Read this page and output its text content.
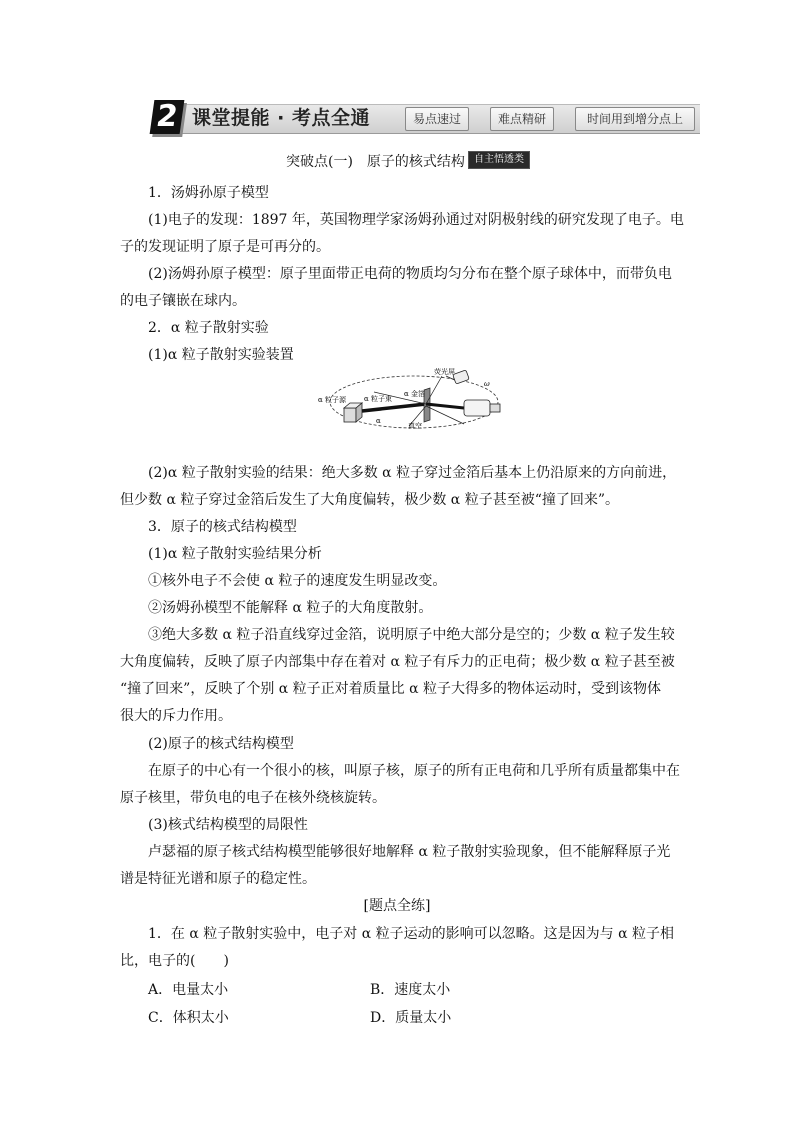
2 课堂提能 · 考点全通	易点速过	难点精研	时间用到增分点上
突破点(一)　原子的核式结构 自主悟透类
1．汤姆孙原子模型
(1)电子的发现：1897 年，英国物理学家汤姆孙通过对阴极射线的研究发现了电子。电
子的发现证明了原子是可再分的。
(2)汤姆孙原子模型：原子里面带正电荷的物质均匀分布在整个原子球体中，而带负电
的电子镶嵌在球内。
2．α 粒子散射实验
(1)α 粒子散射实验装置
α 粒子源	α 粒子束
α 金箔
荧光屏
真空
α
ω
(2)α 粒子散射实验的结果：绝大多数 α 粒子穿过金箔后基本上仍沿原来的方向前进，
但少数 α 粒子穿过金箔后发生了大角度偏转，极少数 α 粒子甚至被“撞了回来”。
3．原子的核式结构模型
(1)α 粒子散射实验结果分析
①核外电子不会使 α 粒子的速度发生明显改变。
②汤姆孙模型不能解释 α 粒子的大角度散射。
③绝大多数 α 粒子沿直线穿过金箔，说明原子中绝大部分是空的；少数 α 粒子发生较
大角度偏转，反映了原子内部集中存在着对 α 粒子有斥力的正电荷；极少数 α 粒子甚至被
“撞了回来”，反映了个别 α 粒子正对着质量比 α 粒子大得多的物体运动时，受到该物体
很大的斥力作用。
(2)原子的核式结构模型
在原子的中心有一个很小的核，叫原子核，原子的所有正电荷和几乎所有质量都集中在
原子核里，带负电的电子在核外绕核旋转。
(3)核式结构模型的局限性
卢瑟福的原子核式结构模型能够很好地解释 α 粒子散射实验现象，但不能解释原子光
谱是特征光谱和原子的稳定性。
[题点全练]
1．在 α 粒子散射实验中，电子对 α 粒子运动的影响可以忽略。这是因为与 α 粒子相
比，电子的(　　)
A．电量太小	B．速度太小
C．体积太小	D．质量太小
